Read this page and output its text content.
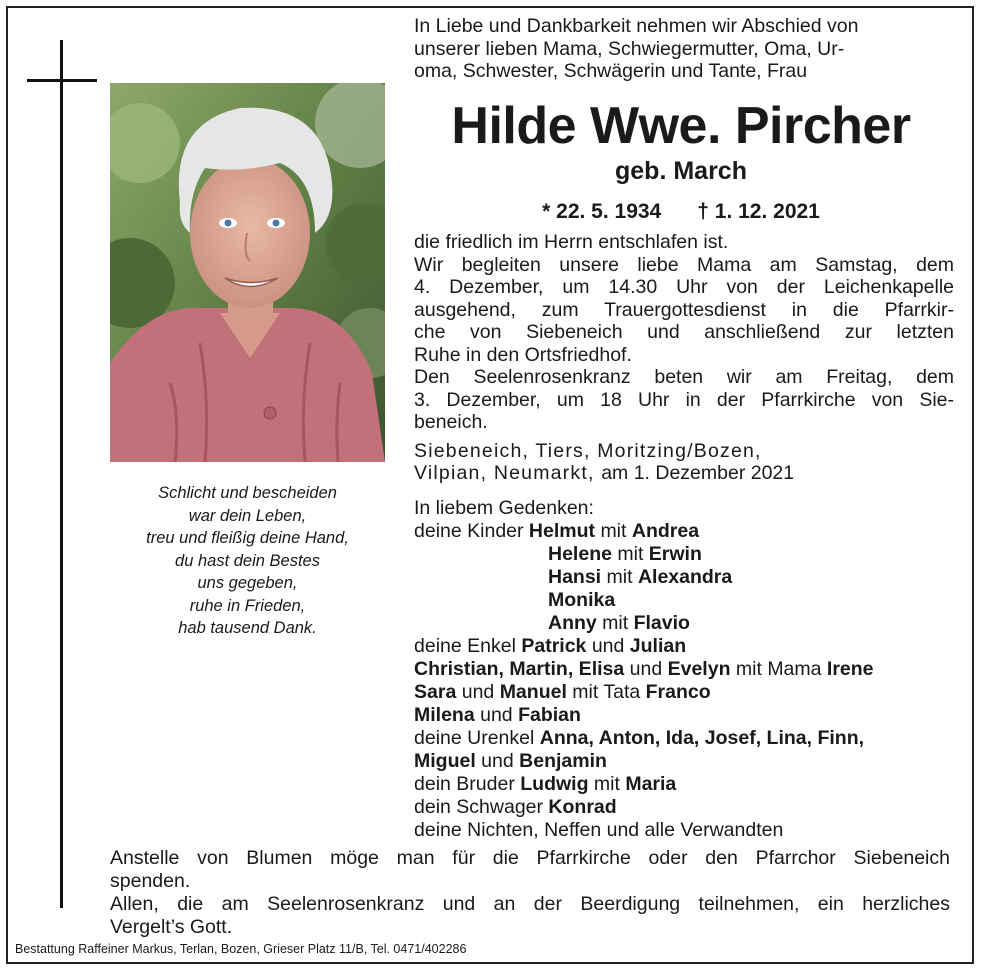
Schlicht und bescheiden
war dein Leben,
treu und fleißig deine Hand,
du hast dein Bestes
uns gegeben,
ruhe in Frieden,
hab tausend Dank.
In Liebe und Dankbarkeit nehmen wir Abschied von
unserer lieben Mama, Schwiegermutter, Oma, Ur-
oma, Schwester, Schwägerin und Tante, Frau
Hilde Wwe. Pircher
geb. March
* 22. 5. 1934 † 1. 12. 2021
die friedlich im Herrn entschlafen ist.
Wir begleiten unsere liebe Mama am Samstag, dem
4. Dezember, um 14.30 Uhr von der Leichenkapelle
ausgehend, zum Trauergottesdienst in die Pfarrkir-
che von Siebeneich und anschließend zur letzten
Ruhe in den Ortsfriedhof.
Den Seelenrosenkranz beten wir am Freitag, dem
3. Dezember, um 18 Uhr in der Pfarrkirche von Sie-
beneich.
Siebeneich, Tiers, Moritzing/Bozen,
Vilpian, Neumarkt, am 1. Dezember 2021
In liebem Gedenken:
deine Kinder Helmut mit Andrea
Helene mit Erwin
Hansi mit Alexandra
Monika
Anny mit Flavio
deine Enkel Patrick und Julian
Christian, Martin, Elisa und Evelyn mit Mama Irene
Sara und Manuel mit Tata Franco
Milena und Fabian
deine Urenkel Anna, Anton, Ida, Josef, Lina, Finn,
Miguel und Benjamin
dein Bruder Ludwig mit Maria
dein Schwager Konrad
deine Nichten, Neffen und alle Verwandten
Anstelle von Blumen möge man für die Pfarrkirche oder den Pfarrchor Siebeneich
spenden.
Allen, die am Seelenrosenkranz und an der Beerdigung teilnehmen, ein herzliches
Vergelt’s Gott.
Bestattung Raffeiner Markus, Terlan, Bozen, Grieser Platz 11/B, Tel. 0471/402286
